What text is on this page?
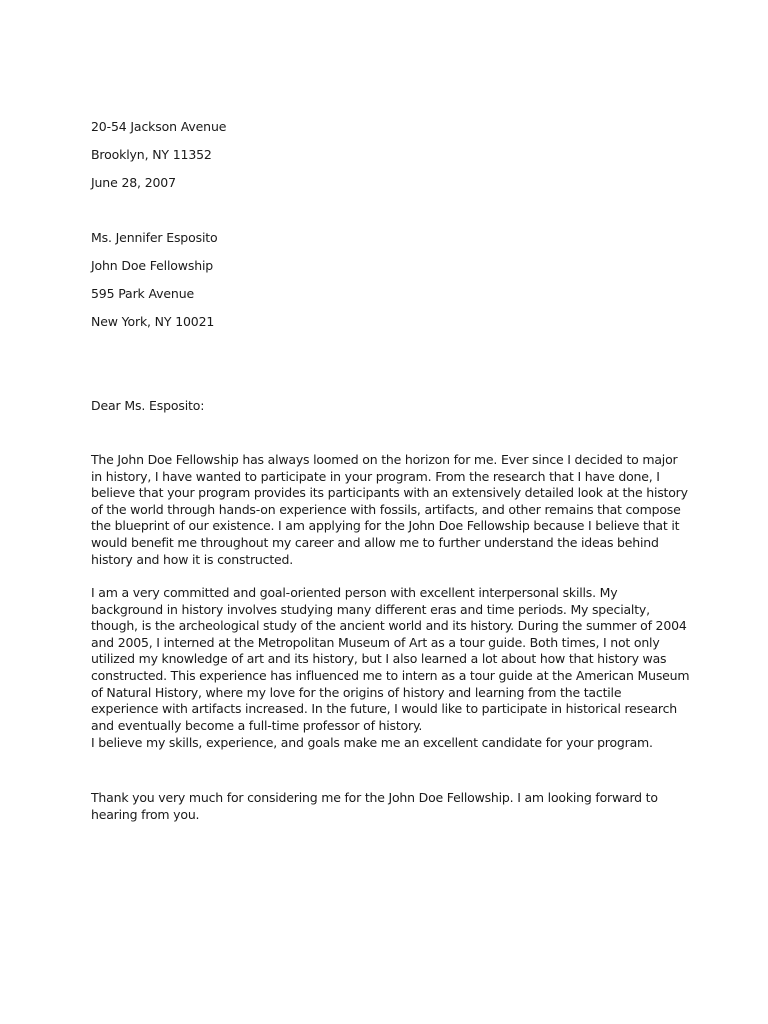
20-54 Jackson Avenue
Brooklyn, NY 11352
June 28, 2007
Ms. Jennifer Esposito
John Doe Fellowship
595 Park Avenue
New York, NY 10021
Dear Ms. Esposito:
The John Doe Fellowship has always loomed on the horizon for me. Ever since I decided to major in history, I have wanted to participate in your program. From the research that I have done, I believe that your program provides its participants with an extensively detailed look at the history of the world through hands-on experience with fossils, artifacts, and other remains that compose the blueprint of our existence. I am applying for the John Doe Fellowship because I believe that it would benefit me throughout my career and allow me to further understand the ideas behind history and how it is constructed.
I am a very committed and goal-oriented person with excellent interpersonal skills. My background in history involves studying many different eras and time periods. My specialty, though, is the archeological study of the ancient world and its history. During the summer of 2004 and 2005, I interned at the Metropolitan Museum of Art as a tour guide. Both times, I not only utilized my knowledge of art and its history, but I also learned a lot about how that history was constructed. This experience has influenced me to intern as a tour guide at the American Museum of Natural History, where my love for the origins of history and learning from the tactile experience with artifacts increased. In the future, I would like to participate in historical research and eventually become a full-time professor of history.
I believe my skills, experience, and goals make me an excellent candidate for your program.
Thank you very much for considering me for the John Doe Fellowship. I am looking forward to hearing from you.
